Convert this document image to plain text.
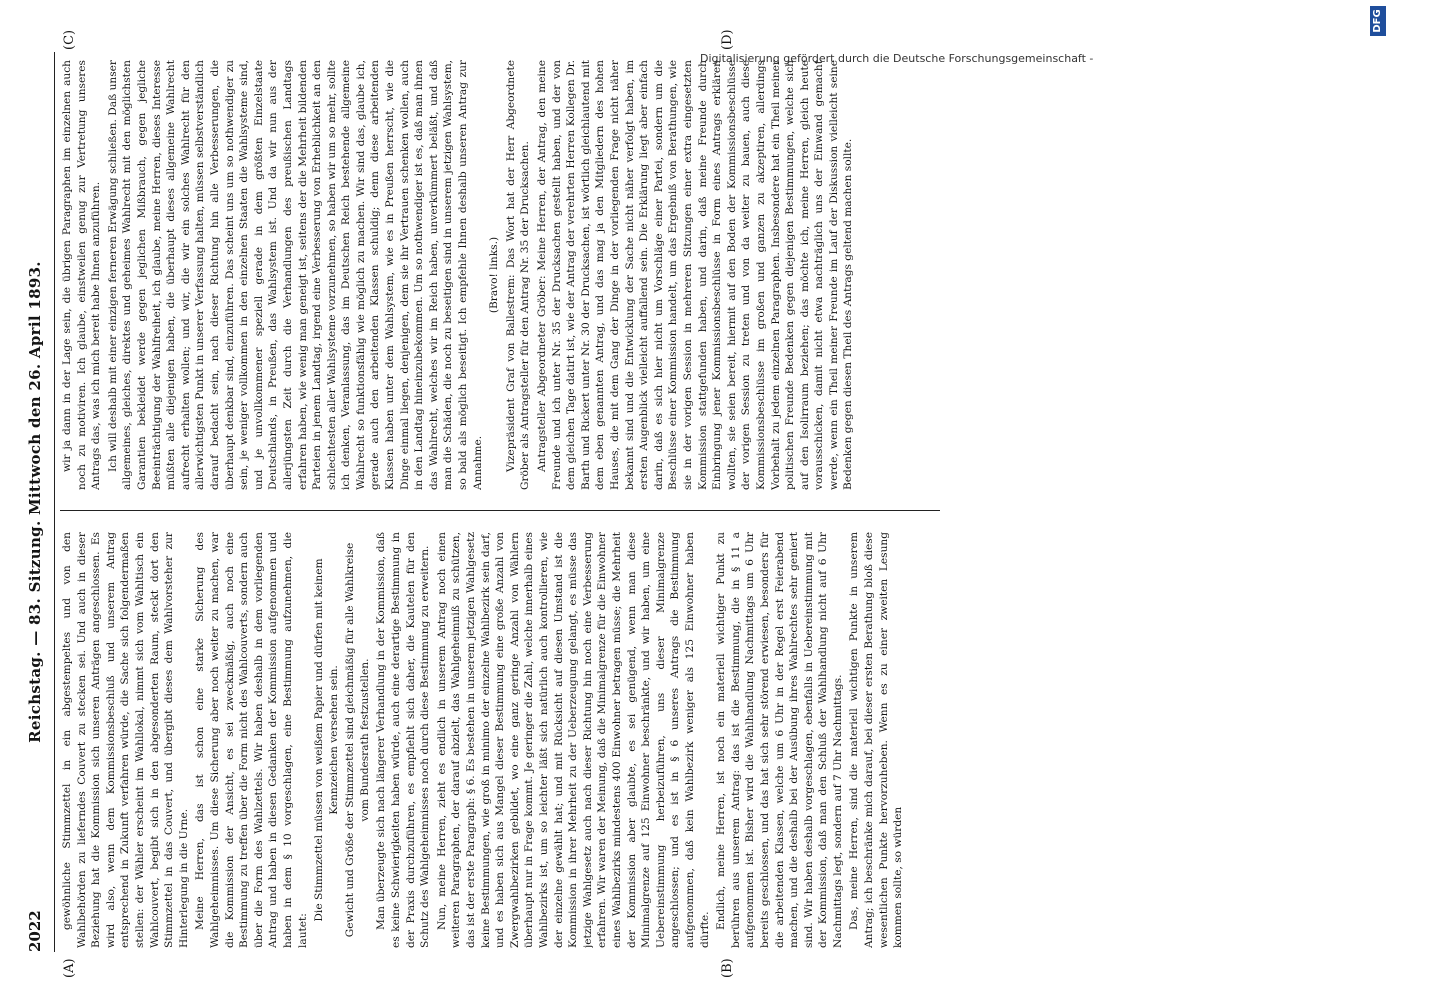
2022
Reichstag. — 83. Sitzung. Mittwoch den 26. April 1893.
(A)	(B)
(C)	(D)

gewöhnliche Stimmzettel in ein abgestempeltes und von den Wahlbehörden zu lieferndes Couvert zu stecken sei. Und auch in dieser Beziehung hat die Kommission sich unseren Anträgen angeschlossen. Es wird also, wenn dem Kommissionsbeschluß und unserem Antrag entsprechend in Zukunft verfahren würde, die Sache sich folgendermaßen stellen: der Wähler erscheint im Wahllokal, nimmt sich vom Wahltisch ein Wahlcouvert, begibt sich in den abgesonderten Raum, steckt dort den Stimmzettel in das Couvert, und übergibt dieses dem Wahlvorsteher zur Hinterlegung in die Urne. Meine Herren, das ist schon eine starke Sicherung des Wahlgeheimnisses. Um diese Sicherung aber noch weiter zu machen, war die Kommission der Ansicht, es sei zweckmäßig, auch noch eine Bestimmung zu treffen über die Form nicht des Wahlcouverts, sondern auch über die Form des Wahlzettels. Wir haben deshalb in dem vorliegenden Antrag und haben in diesen Gedanken der Kommission aufgenommen und haben in dem § 10 vorgeschlagen, eine Bestimmung aufzunehmen, die lautet:

Die Stimmzettel müssen von weißem Papier und dürfen mit keinem Kennzeichen versehen sein. Gewicht und Größe der Stimmzettel sind gleichmäßig für alle Wahlkreise vom Bundesrath festzustellen. Man überzeugte sich nach längerer Verhandlung in der Kommission, daß es keine Schwierigkeiten haben würde, auch eine derartige Bestimmung in der Praxis durchzuführen, es empfiehlt sich daher, die Kautelen für den Schutz des Wahlgeheimnisses noch durch diese Bestimmung zu erweitern. Nun, meine Herren, zieht es endlich in unserem Antrag noch einen weiteren Paragraphen, der darauf abzielt, das Wahlgeheimniß zu schützen, das ist der erste Paragraph: § 6. Es bestehen in unserem jetzigen Wahlgesetz keine Bestimmungen, wie groß in minimo der einzelne Wahlbezirk sein darf, und es haben sich aus Mangel dieser Bestimmung eine große Anzahl von Zwergwahlbezirken gebildet, wo eine ganz geringe Anzahl von Wählern überhaupt nur in Frage kommt. Je geringer die Zahl, welche innerhalb eines Wahlbezirks ist, um so leichter läßt sich natürlich auch kontrollieren, wie der einzelne gewählt hat; und mit Rücksicht auf diesen Umstand ist die Kommission in ihrer Mehrheit zu der Ueberzeugung gelangt, es müsse das jetzige Wahlgesetz auch nach dieser Richtung hin noch eine Verbesserung erfahren. Wir waren der Meinung, daß die Minimalgrenze für die Einwohner eines Wahlbezirks mindestens 400 Einwohner betragen müsse; die Mehrheit der Kommission aber glaubte, es sei genügend, wenn man diese Minimalgrenze auf 125 Einwohner beschränkte, und wir haben, um eine Uebereinstimmung herbeizuführen, uns dieser Minimalgrenze angeschlossen; und es ist in § 6 unseres Antrags die Bestimmung aufgenommen, daß kein Wahlbezirk weniger als 125 Einwohner haben dürfte. Endlich, meine Herren, ist noch ein materiell wichtiger Punkt zu berühren aus unserem Antrag: das ist die Bestimmung, die in § 11 a aufgenommen ist. Bisher wird die Wahlhandlung Nachmittags um 6 Uhr bereits geschlossen, und das hat sich sehr störend erwiesen, besonders für die arbeitenden Klassen, welche um 6 Uhr in der Regel erst Feierabend machen, und die deshalb bei der Ausübung ihres Wahlrechtes sehr geniert sind. Wir haben deshalb vorgeschlagen, ebenfalls in Uebereinstimmung mit der Kommission, daß man den Schluß der Wahlhandlung nicht auf 6 Uhr Nachmittags legt, sondern auf 7 Uhr Nachmittags. Das, meine Herren, sind die materiell wichtigen Punkte in unserem Antrag; ich beschränke mich darauf, bei dieser ersten Berathung bloß diese wesentlichen Punkte hervorzuheben. Wenn es zu einer zweiten Lesung kommen sollte, so würden

wir ja dann in der Lage sein, die übrigen Paragraphen im einzelnen auch noch zu motiviren. Ich glaube, einstweilen genug zur Vertretung unseres Antrags das, was ich mich bereit habe Ihnen anzuführen. Ich will deshalb mit einer einzigen ferneren Erwägung schließen. Daß unser allgemeines, gleiches, direktes und geheimes Wahlrecht mit den möglichsten Garantien bekleidet werde gegen jeglichen Mißbrauch, gegen jegliche Beeinträchtigung der Wahlfreiheit, ich glaube, meine Herren, dieses Interesse müßten alle diejenigen haben, die überhaupt dieses allgemeine Wahlrecht aufrecht erhalten wollen; und wir, die wir ein solches Wahlrecht für den allerwichtigsten Punkt in unserer Verfassung halten, müssen selbstverständlich darauf bedacht sein, nach dieser Richtung hin alle Verbesserungen, die überhaupt denkbar sind, einzuführen. Das scheint uns um so nothwendiger zu sein, je weniger vollkommen in den einzelnen Staaten die Wahlsysteme sind, und je unvollkommener speziell gerade in dem größten Einzelstaate Deutschlands, in Preußen, das Wahlsystem ist. Und da wir nun aus der allerjüngsten Zeit durch die Verhandlungen des preußischen Landtags erfahren haben, wie wenig man geneigt ist, seitens der die Mehrheit bildenden Parteien in jenem Landtag, irgend eine Verbesserung von Erheblichkeit an den schlechtesten aller Wahlsysteme vorzunehmen, so haben wir um so mehr, sollte ich denken, Veranlassung, das im Deutschen Reich bestehende allgemeine Wahlrecht so funktionsfähig wie möglich zu machen. Wir sind das, glaube ich, gerade auch den arbeitenden Klassen schuldig; denn diese arbeitenden Klassen haben unter dem Wahlsystem, wie es in Preußen herrscht, wie die Dinge einmal liegen, denjenigen, dem sie ihr Vertrauen schenken wollen, auch in den Landtag hineinzubekommen. Um so nothwendiger ist es, daß man ihnen das Wahlrecht, welches wir im Reich haben, unverkümmert beläßt, und daß man die Schäden, die noch zu beseitigen sind in unserem jetzigen Wahlsystem, so bald als möglich beseitigt. Ich empfehle Ihnen deshalb unseren Antrag zur Annahme.

(Bravo! links.) Vizepräsident Graf von Ballestrem: Das Wort hat der Herr Abgeordnete Gröber als Antragsteller für den Antrag Nr. 35 der Drucksachen. Antragsteller Abgeordneter Gröber: Meine Herren, der Antrag, den meine Freunde und ich unter Nr. 35 der Drucksachen gestellt haben, und der von dem gleichen Tage datirt ist, wie der Antrag der verehrten Herren Kollegen Dr. Barth und Rickert unter Nr. 30 der Drucksachen, ist wörtlich gleichlautend mit dem eben genannten Antrag, und das mag ja den Mitgliedern des hohen Hauses, die mit dem Gang der Dinge in der vorliegenden Frage nicht näher bekannt sind und die Entwicklung der Sache nicht näher verfolgt haben, im ersten Augenblick vielleicht auffallend sein. Die Erklärung liegt aber einfach darin, daß es sich hier nicht um Vorschläge einer Partei, sondern um die Beschlüsse einer Kommission handelt, um das Ergebniß von Berathungen, wie sie in der vorigen Session in mehreren Sitzungen einer extra eingesetzten Kommission stattgefunden haben, und darin, daß meine Freunde durch Einbringung jener Kommissionsbeschlüsse in Form eines Antrags erklären wollten, sie seien bereit, hiermit auf den Boden der Kommissionsbeschlüsse der vorigen Session zu treten und von da weiter zu bauen, auch diese Kommissionsbeschlüsse im großen und ganzen zu akzeptiren, allerdings Vorbehalt zu jedem einzelnen Paragraphen. Insbesondere hat ein Theil meiner politischen Freunde Bedenken gegen diejenigen Bestimmungen, welche sich auf den Isolirraum beziehen; das möchte ich, meine Herren, gleich heute vorausschicken, damit nicht etwa nachträglich uns der Einwand gemacht werde, wenn ein Theil meiner Freunde im Lauf der Diskussion vielleicht seine Bedenken gegen diesen Theil des Antrags geltend machen sollte.

Digitalisierung gefördert durch die Deutsche Forschungsgemeinschaft -
DFG
